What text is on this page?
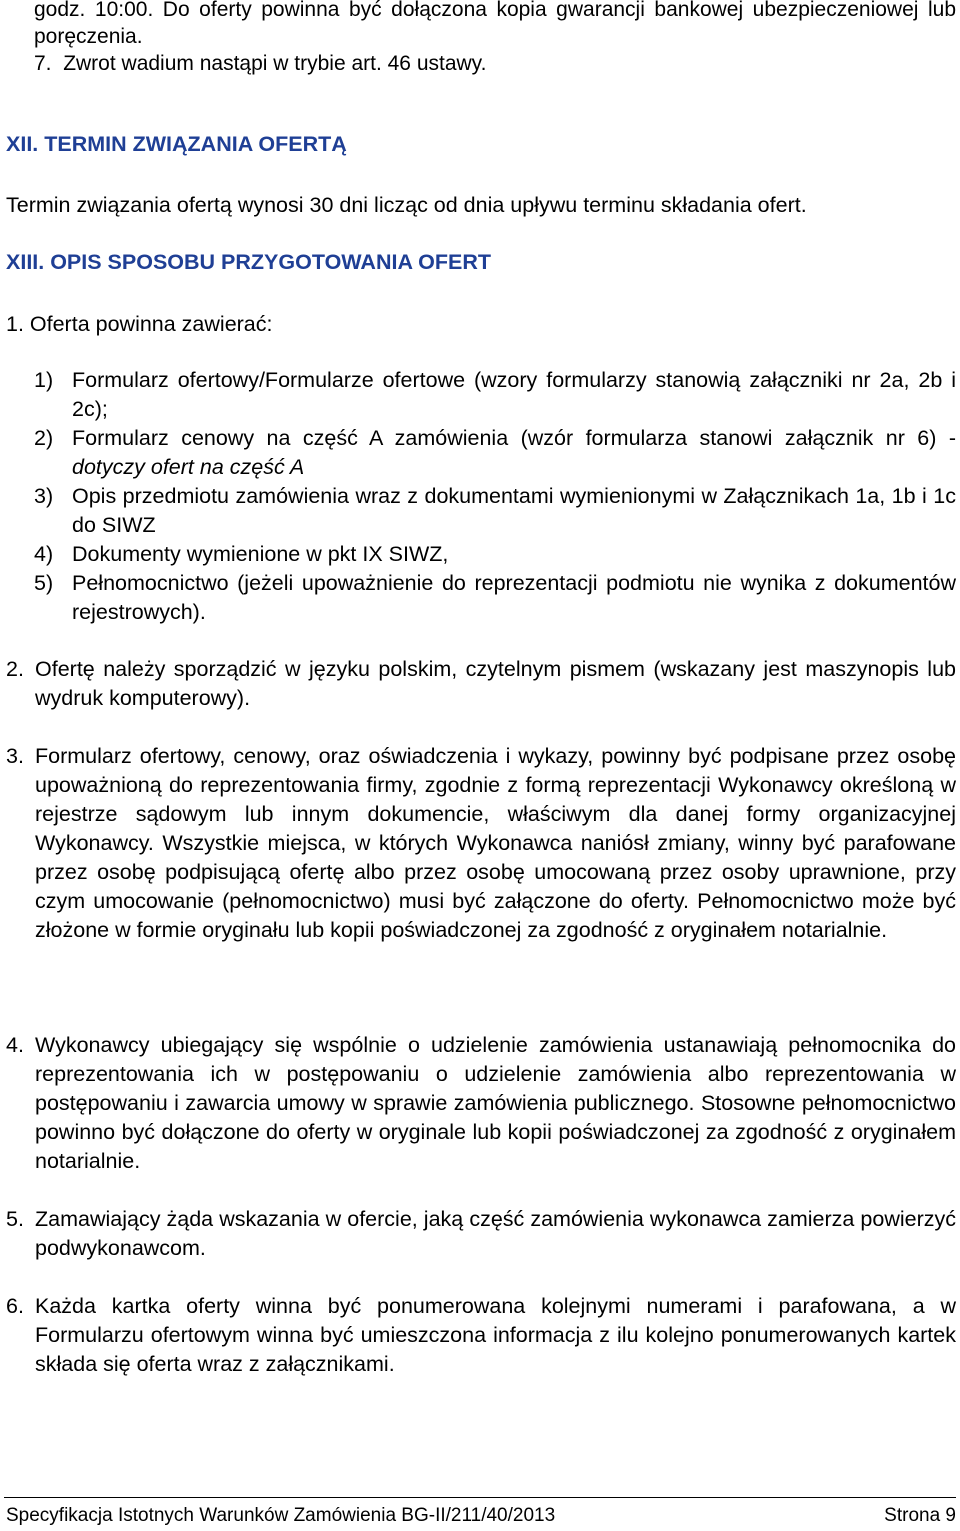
godz. 10:00. Do oferty powinna być dołączona kopia gwarancji bankowej ubezpieczeniowej lub poręczenia.

7. Zwrot wadium nastąpi w trybie art. 46 ustawy.

XII. TERMIN ZWIĄZANIA OFERTĄ

Termin związania ofertą wynosi 30 dni licząc od dnia upływu terminu składania ofert.

XIII. OPIS SPOSOBU PRZYGOTOWANIA OFERT

1. Oferta powinna zawierać:

1) Formularz ofertowy/Formularze ofertowe (wzory formularzy stanowią załączniki nr 2a, 2b i 2c);
2) Formularz cenowy na część A zamówienia (wzór formularza stanowi załącznik nr 6) - dotyczy ofert na część A
3) Opis przedmiotu zamówienia wraz z dokumentami wymienionymi w Załącznikach 1a, 1b i 1c do SIWZ
4) Dokumenty wymienione w pkt IX SIWZ,
5) Pełnomocnictwo (jeżeli upoważnienie do reprezentacji podmiotu nie wynika z dokumentów rejestrowych).
2. Ofertę należy sporządzić w języku polskim, czytelnym pismem (wskazany jest maszynopis lub wydruk komputerowy).
3. Formularz ofertowy, cenowy, oraz oświadczenia i wykazy, powinny być podpisane przez osobę upoważnioną do reprezentowania firmy, zgodnie z formą reprezentacji Wykonawcy określoną w rejestrze sądowym lub innym dokumencie, właściwym dla danej formy organizacyjnej Wykonawcy. Wszystkie miejsca, w których Wykonawca naniósł zmiany, winny być parafowane przez osobę podpisującą ofertę albo przez osobę umocowaną przez osoby uprawnione, przy czym umocowanie (pełnomocnictwo) musi być załączone do oferty. Pełnomocnictwo może być złożone w formie oryginału lub kopii poświadczonej za zgodność z oryginałem notarialnie.
4. Wykonawcy ubiegający się wspólnie o udzielenie zamówienia ustanawiają pełnomocnika do reprezentowania ich w postępowaniu o udzielenie zamówienia albo reprezentowania w postępowaniu i zawarcia umowy w sprawie zamówienia publicznego. Stosowne pełnomocnictwo powinno być dołączone do oferty w oryginale lub kopii poświadczonej za zgodność z oryginałem notarialnie.
5. Zamawiający żąda wskazania w ofercie, jaką część zamówienia wykonawca zamierza powierzyć podwykonawcom.
6. Każda kartka oferty winna być ponumerowana kolejnymi numerami i parafowana, a w Formularzu ofertowym winna być umieszczona informacja z ilu kolejno ponumerowanych kartek składa się oferta wraz z załącznikami.
Specyfikacja Istotnych Warunków Zamówienia BG-II/211/40/2013	Strona 9
